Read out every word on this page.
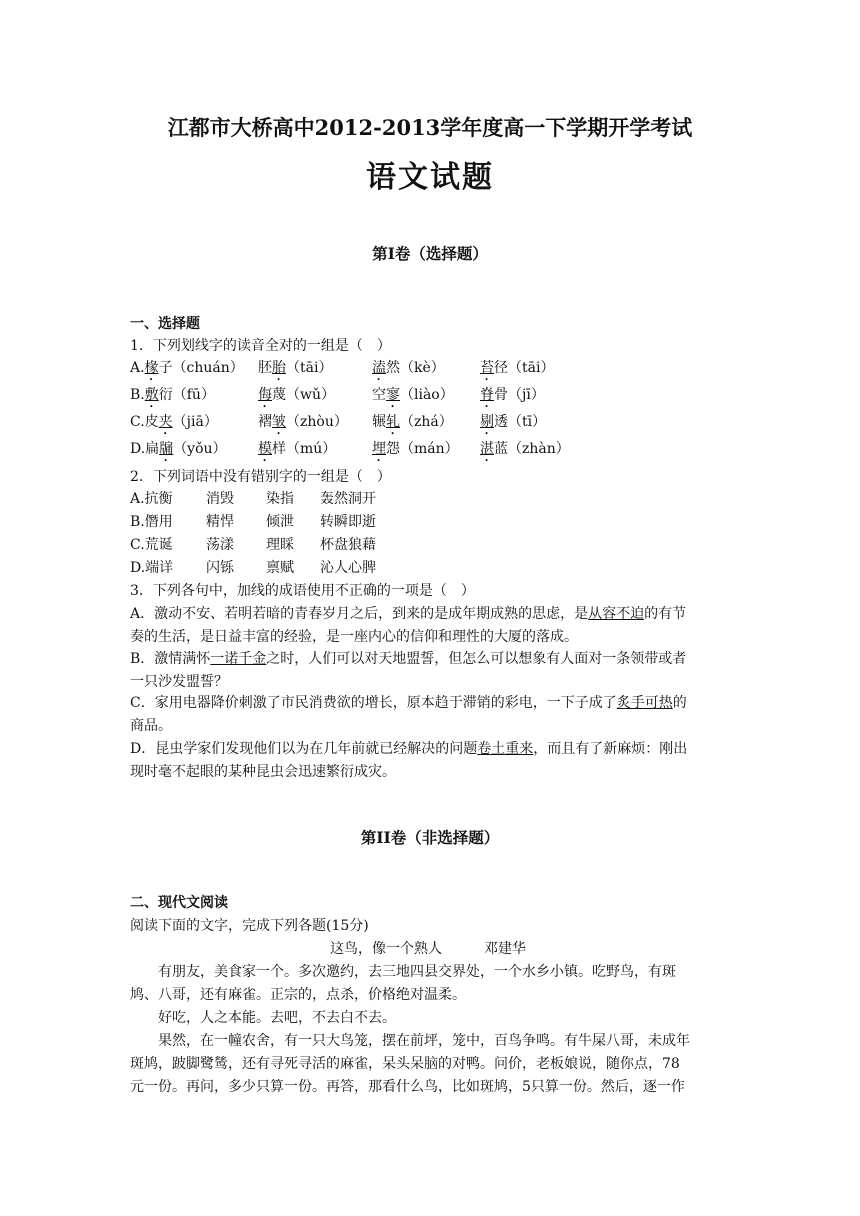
江都市大桥高中2012-2013学年度高一下学期开学考试
语文试题
第Ⅰ卷（选择题）
一、选择题
1．下列划线字的读音全对的一组是（　）
A.椽子（chuán） 胚胎（tāi）	溘然（kè）	苔径（tāi）
B.敷衍（fū）	侮蔑（wǔ）	空寥（liào） 脊骨（jī）
C.皮夹（jiā）	褶皱（zhòu） 辗轧（zhá） 剔透（tī）
D.扁牖（yǒu） 模样（mú）	埋怨（mán） 湛蓝（zhàn）
2．下列词语中没有错别字的一组是（　）
A.抗衡 消毁 染指 轰然洞开
B.僭用 精悍 倾泄 转瞬即逝
C.荒诞 荡漾 理睬 杯盘狼藉
D.端详 闪铄 禀赋 沁人心脾
3．下列各句中，加线的成语使用不正确的一项是（　）
A．激动不安、若明若暗的青春岁月之后，到来的是成年期成熟的思虑，是从容不迫的有节
奏的生活，是日益丰富的经验，是一座内心的信仰和理性的大厦的落成。
B．激情满怀一诺千金之时，人们可以对天地盟誓，但怎么可以想象有人面对一条领带或者
一只沙发盟誓？
C．家用电器降价刺激了市民消费欲的增长，原本趋于滞销的彩电，一下子成了炙手可热的
商品。
D．昆虫学家们发现他们以为在几年前就已经解决的问题卷土重来，而且有了新麻烦：刚出
现时毫不起眼的某种昆虫会迅速繁衍成灾。
第II卷（非选择题）
二、现代文阅读
阅读下面的文字，完成下列各题(15分)
这鸟，像一个熟人	邓建华
有朋友，美食家一个。多次邀约，去三地四县交界处，一个水乡小镇。吃野鸟，有斑
鸠、八哥，还有麻雀。正宗的，点杀，价格绝对温柔。
好吃，人之本能。去吧，不去白不去。
果然，在一幢农舍，有一只大鸟笼，摆在前坪，笼中，百鸟争鸣。有牛屎八哥，未成年
斑鸠，跛脚鹭鸶，还有寻死寻活的麻雀，呆头呆脑的对鸭。问价，老板娘说，随你点，78
元一份。再问，多少只算一份。再答，那看什么鸟，比如斑鸠，5只算一份。然后，逐一作
